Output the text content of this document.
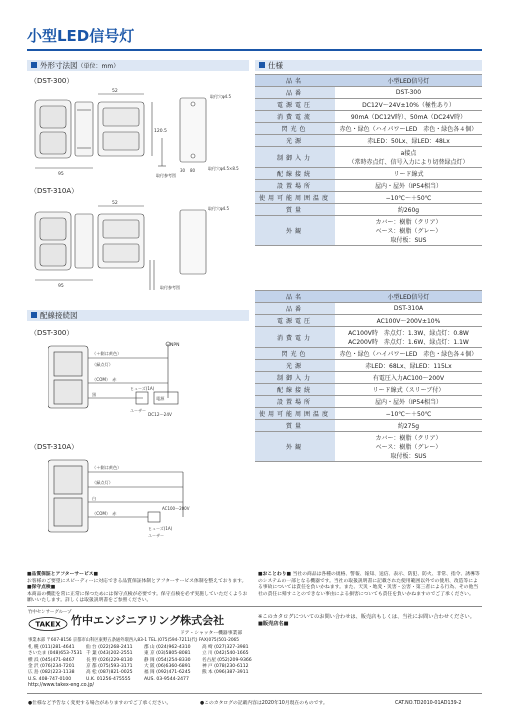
小型LED信号灯
外形寸法図（単位：mm）	仕様
（DST-300）
52
95
120.5
取付穴φ4.5
取付穴φ4.5×8.5
取付参考図
30 80
（DST-310A）
52
95
取付穴φ4.5
取付参考図
配線接続図
（DST-300）
NPN
（＋側は黄色）
（緑点灯）
（COM）　赤
黒
電源
ヒューズ(1A)
ユーザー
DC12〜24V
（DST-310A）
（＋側は黄色）
（緑点灯）
白
（COM）　赤
AC100〜200V
ヒューズ(1A)
ユーザー
品名	小型LED信号灯
品番	DST-300
電源電圧	DC12V〜24V±10%（極性あり）
消費電流	90mA（DC12V時）、50mA（DC24V時）
閃光色	赤色・緑色（ハイパワーLED　赤色・緑色各４個）
光源	赤LED：50Lx、緑LED：48Lx
制御入力	a接点
（常時赤点灯、信号入力により切替緑点灯）
配線接続	リード線式
設置場所	屋内・屋外（IP54相当）
使用可能周囲温度	−10℃〜＋50℃
質量	約260g
外観	カバー：樹脂（クリア）
ベース：樹脂（グレー）
取付板：SUS
品名	小型LED信号灯
品番	DST-310A
電源電圧	AC100V〜200V±10%
消費電力	AC100V時　赤点灯：1.3W、緑点灯：0.8W
AC200V時　赤点灯：1.6W、緑点灯：1.1W
閃光色	赤色・緑色（ハイパワーLED　赤色・緑色各４個）
光源	赤LED：68Lx、緑LED：115Lx
制御入力	有電圧入力AC100〜200V
配線接続	リード線式（スリーブ付）
設置場所	屋内・屋外（IP54相当）
使用可能周囲温度	−10℃〜＋50℃
質量	約275g
外観	カバー：樹脂（クリア）
ベース：樹脂（グレー）
取付板：SUS
■品質保証とアフターサービス■
お客様のご要望にスピーディーに対応できる品質保証体制とアフターサービス体制を整えております。
■保守点検■
本商品の機能を常に正常に保つためには保守点検が必要です。保守点検を必ず実施していただくようお願いいたします。詳しくは取扱説明書をご参照ください。
■おことわり■ 当社の商品は各種の規格、警報、報知、送信、表示、防犯、防火、非常、指令、誘導等のシステムの一部となる機器です。当社の取扱説明書に記載された使用範囲以外での使用、改造等による事故については責任を負いかねます。また、天災・地変・災害・公害・第三者による行為、その他当社の責任に帰すことのできない事由による損害についても責任を負いかねますのでご了承ください。
竹中センサーグループ
TAKEX 竹中エンジニアリング株式会社
ドア・シャッター機器事業部
事業本部 〒607-8156 京都市山科区東野五条通外環西入83-1 TEL.(075)594-7211(代) FAX(075)501-2065
札 幌 (011)281-4641 仙 台 (022)268-2411 郡 山 (024)962-4310 高 崎 (027)327-3981
さいたま (048)653-7531 千 葉 (043)202-2551 東 京 (03)5805-8081 立 川 (042)540-1665
横 浜 (045)471-8467 長 野 (026)229-8130 静 岡 (054)254-8330 名古屋 (052)209-9366
金 沢 (076)234-7201 京 都 (075)593-3171 大 阪 (06)6360-6891 神 戸 (078)230-6112
広 島 (082)223-1138 高 松 (087)821-0025 福 岡 (092)471-6245 熊 本 (096)387-3911
U.S. 408-747-0100	U.K. 01256-475555	AUS. 03-9544-2477
http://www.takex-eng.co.jp/
※このカタログについてのお問い合わせは、販売店もしくは、当社にお問い合わせください。
■販売店名■
●仕様など予告なく変更する場合がありますのでご了承ください。	●このカタログの記載内容は2020年10月現在のものです。	CAT.NO.TD2010-01AD139-2
